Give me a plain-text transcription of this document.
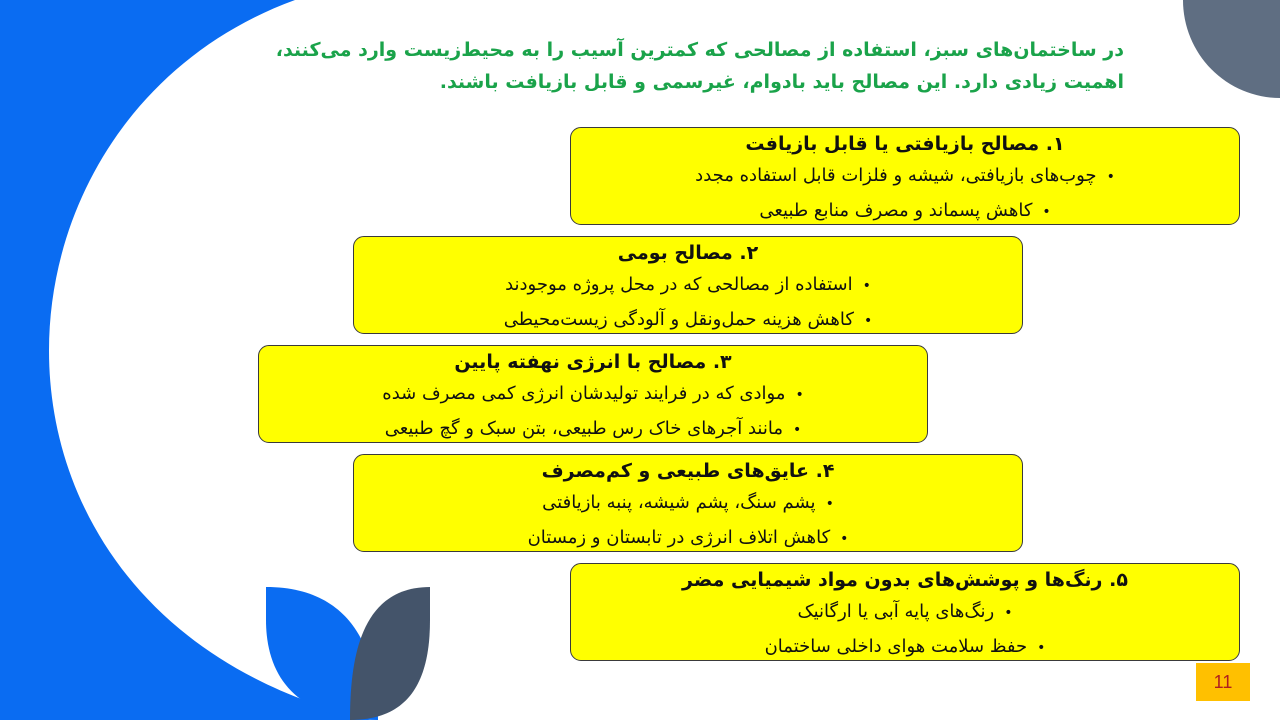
در ساختمان‌های سبز، استفاده از مصالحی که کمترین آسیب را به محیط‌زیست وارد می‌کنند،
اهمیت زیادی دارد. این مصالح باید بادوام، غیرسمی و قابل بازیافت باشند.
۱. مصالح بازیافتی یا قابل بازیافت
• چوب‌های بازیافتی، شیشه و فلزات قابل استفاده مجدد
• کاهش پسماند و مصرف منابع طبیعی
۲. مصالح بومی
• استفاده از مصالحی که در محل پروژه موجودند
• کاهش هزینه حمل‌ونقل و آلودگی زیست‌محیطی
۳. مصالح با انرژی نهفته پایین
• موادی که در فرایند تولیدشان انرژی کمی مصرف شده
• مانند آجرهای خاک رس طبیعی، بتن سبک و گچ طبیعی
۴. عایق‌های طبیعی و کم‌مصرف
• پشم سنگ، پشم شیشه، پنبه بازیافتی
• کاهش اتلاف انرژی در تابستان و زمستان
۵. رنگ‌ها و پوشش‌های بدون مواد شیمیایی مضر
• رنگ‌های پایه آبی یا ارگانیک
• حفظ سلامت هوای داخلی ساختمان
11
